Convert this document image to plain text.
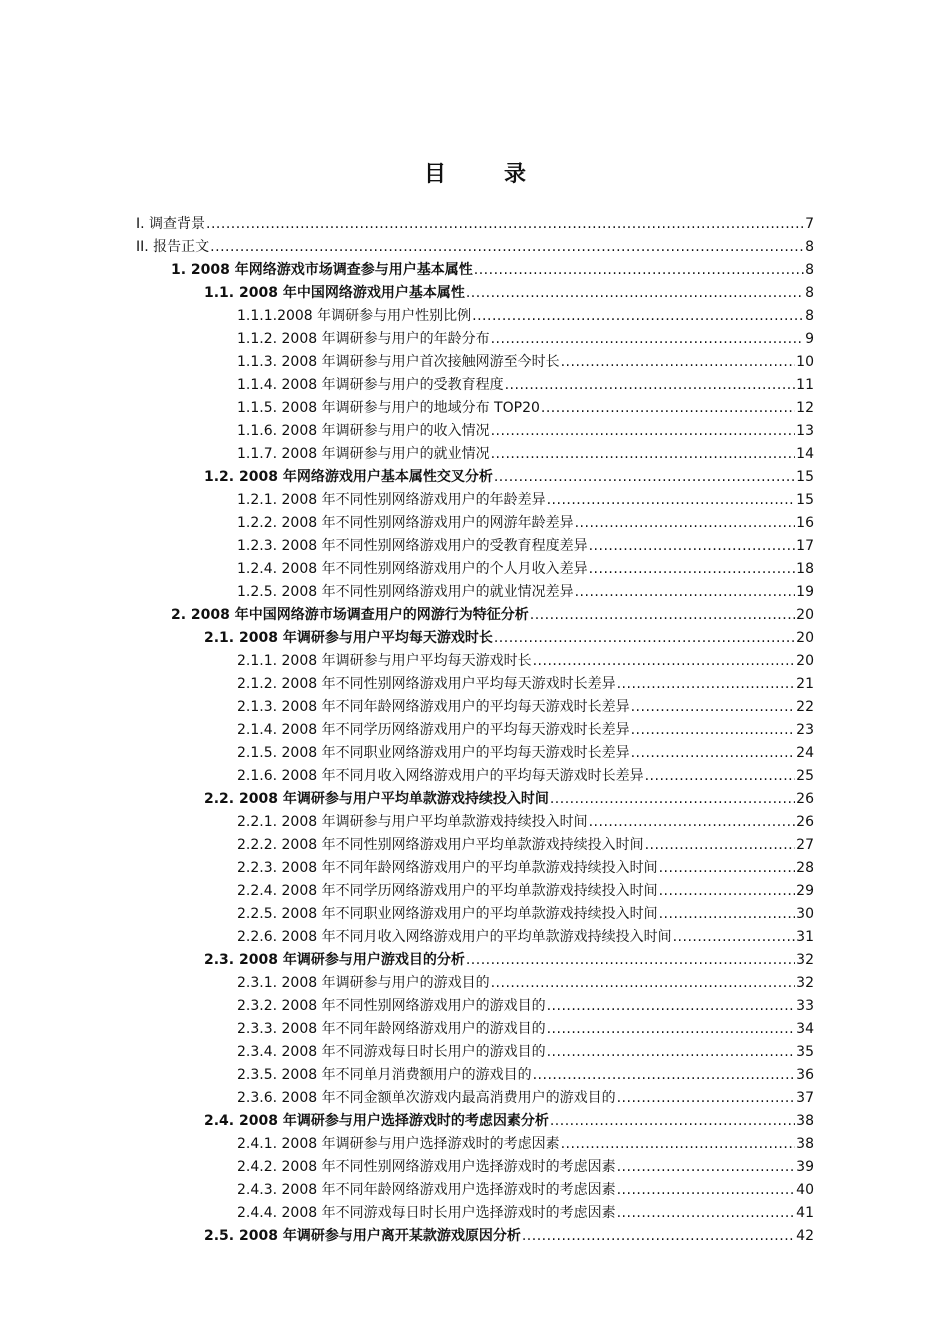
目　录
I. 调查背景 .....	7
II. 报告正文 .....	8
1. 2008 年网络游戏市场调查参与用户基本属性 .....	8
1.1. 2008 年中国网络游戏用户基本属性 .....	8
1.1.1.2008 年调研参与用户性别比例 .....	8
1.1.2. 2008 年调研参与用户的年龄分布 .....	9
1.1.3. 2008 年调研参与用户首次接触网游至今时长 .....	10
1.1.4. 2008 年调研参与用户的受教育程度 .....	11
1.1.5. 2008 年调研参与用户的地域分布 TOP20 .....	12
1.1.6. 2008 年调研参与用户的收入情况 .....	13
1.1.7. 2008 年调研参与用户的就业情况 .....	14
1.2. 2008 年网络游戏用户基本属性交叉分析 .....	15
1.2.1. 2008 年不同性别网络游戏用户的年龄差异 .....	15
1.2.2. 2008 年不同性别网络游戏用户的网游年龄差异 .....	16
1.2.3. 2008 年不同性别网络游戏用户的受教育程度差异 .....	17
1.2.4. 2008 年不同性别网络游戏用户的个人月收入差异 .....	18
1.2.5. 2008 年不同性别网络游戏用户的就业情况差异 .....	19
2. 2008 年中国网络游市场调查用户的网游行为特征分析 .....	20
2.1. 2008 年调研参与用户平均每天游戏时长 .....	20
2.1.1. 2008 年调研参与用户平均每天游戏时长 .....	20
2.1.2. 2008 年不同性别网络游戏用户平均每天游戏时长差异 .....	21
2.1.3. 2008 年不同年龄网络游戏用户的平均每天游戏时长差异 .....	22
2.1.4. 2008 年不同学历网络游戏用户的平均每天游戏时长差异 .....	23
2.1.5. 2008 年不同职业网络游戏用户的平均每天游戏时长差异 .....	24
2.1.6. 2008 年不同月收入网络游戏用户的平均每天游戏时长差异 .....	25
2.2. 2008 年调研参与用户平均单款游戏持续投入时间 .....	26
2.2.1. 2008 年调研参与用户平均单款游戏持续投入时间 .....	26
2.2.2. 2008 年不同性别网络游戏用户平均单款游戏持续投入时间 .....	27
2.2.3. 2008 年不同年龄网络游戏用户的平均单款游戏持续投入时间 .....	28
2.2.4. 2008 年不同学历网络游戏用户的平均单款游戏持续投入时间 .....	29
2.2.5. 2008 年不同职业网络游戏用户的平均单款游戏持续投入时间 .....	30
2.2.6. 2008 年不同月收入网络游戏用户的平均单款游戏持续投入时间 .....	31
2.3. 2008 年调研参与用户游戏目的分析 .....	32
2.3.1. 2008 年调研参与用户的游戏目的 .....	32
2.3.2. 2008 年不同性别网络游戏用户的游戏目的 .....	33
2.3.3. 2008 年不同年龄网络游戏用户的游戏目的 .....	34
2.3.4. 2008 年不同游戏每日时长用户的游戏目的 .....	35
2.3.5. 2008 年不同单月消费额用户的游戏目的 .....	36
2.3.6. 2008 年不同金额单次游戏内最高消费用户的游戏目的 .....	37
2.4. 2008 年调研参与用户选择游戏时的考虑因素分析 .....	38
2.4.1. 2008 年调研参与用户选择游戏时的考虑因素 .....	38
2.4.2. 2008 年不同性别网络游戏用户选择游戏时的考虑因素 .....	39
2.4.3. 2008 年不同年龄网络游戏用户选择游戏时的考虑因素 .....	40
2.4.4. 2008 年不同游戏每日时长用户选择游戏时的考虑因素 .....	41
2.5. 2008 年调研参与用户离开某款游戏原因分析 .....	42
